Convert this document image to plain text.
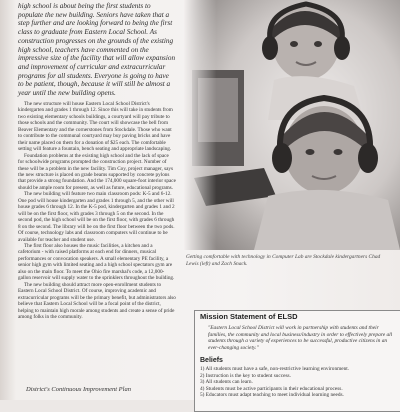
high school is about being the first students to populate the new building. Seniors have taken that a step further and are looking forward to being the first class to graduate from Eastern Local School. As construction progresses on the grounds of the existing high school, teachers have commented on the impressive size of the facility that will allow expansion and improvement of curricular and extracurricular programs for all students. Everyone is going to have to be patient, though, because it will still be almost a year until the new building opens.

The new structure will house Eastern Local School District's kindergarten and grades 1 through 12. Since this will take in students from two existing elementary schools buildings, a courtyard will pay tribute to those schools and the community. The court will showcase the bell from Beaver Elementary and the cornerstones from Stockdale. Those who want to contribute to the communal courtyard may buy paving bricks and have their name placed on them for a donation of $25 each. The comfortable setting will feature a fountain, bench seating and appropriate landscaping.

Foundation problems at the existing high school and the lack of space for schoolwide programs prompted the construction project. Number of these will be a problem in the new facility. Tim Coy, project manager, says the new structure is placed on grade beams supported by concrete pylons that provide a strong foundation. And the 174,000 square-foot interior space should be ample room for present, as well as future, educational programs.

The new building will feature two main classroom pods: K-5 and 6-12. One pod will house kindergarten and grades 1 through 5, and the other will house grades 6 through 12. In the K-5 pod, kindergarten and grades 1 and 2 will be on the first floor, with grades 3 through 5 on the second. In the second pod, the high school will be on the first floor, with grades 6 through 8 on the second. The library will be on the first floor between the two pods. Of course, technology labs and classroom computers will continue to be available for teacher and student use.

The first floor also houses the music facilities, a kitchen and a cafetorium - with raised platforms at each end for dinners, musical performances or convocation speakers. A small elementary PE facility, a senior high gym with limited seating and a high school spectators gym are also on the main floor. To meet the Ohio fire marshal's code, a 12,000-gallon reservoir will supply water to the sprinklers throughout the building.

The new building should attract more open-enrollment students to Eastern Local School District. Of course, improving academic and extracurricular programs will be the primary benefit, but administrators also believe that Eastern Local School will be a focal point of the district, helping to maintain high morale among students and create a sense of pride among folks in the community.

District's Continuous Improvement Plan

Getting comfortable with technology in Computer Lab are Stockdale kindergartners Chad Lewis (left) and Zach Snack.

Mission Statement of ELSD

"Eastern Local School District will work in partnership with students and their families, the community and local business/industry in order to effectively prepare all students through a variety of experiences to be successful, productive citizens in an ever-changing society."

Beliefs

1) All students must have a safe, non-restrictive learning environment.
2) Instruction is the key to student success.
3) All students can learn.
4) Students must be active participants in their educational process.
5) Educators must adapt teaching to meet individual learning needs.
